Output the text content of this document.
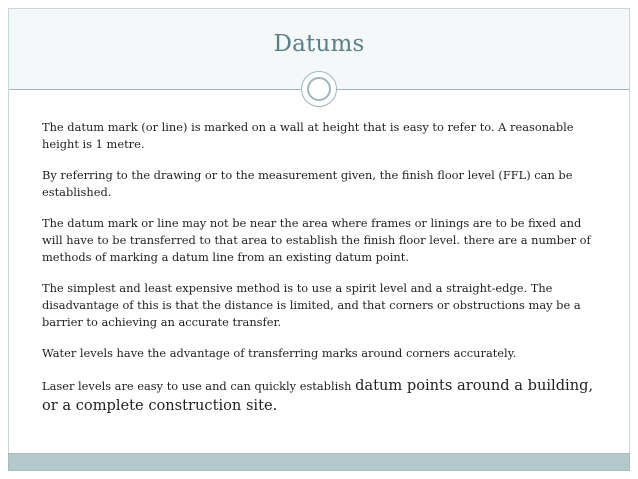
Datums

The datum mark (or line) is marked on a wall at height that is easy to refer to. A reasonable height is 1 metre.

By referring to the drawing or to the measurement given, the finish floor level (FFL) can be established.

The datum mark or line may not be near the area where frames or linings are to be fixed and will have to be transferred to that area to establish the finish floor level. there are a number of methods of marking a datum line from an existing datum point.

The simplest and least expensive method is to use a spirit level and a straight-edge. The disadvantage of this is that the distance is limited, and that corners or obstructions may be a barrier to achieving an accurate transfer.

Water levels have the advantage of transferring marks around corners accurately.

Laser levels are easy to use and can quickly establish datum points around a building, or a complete construction site.
